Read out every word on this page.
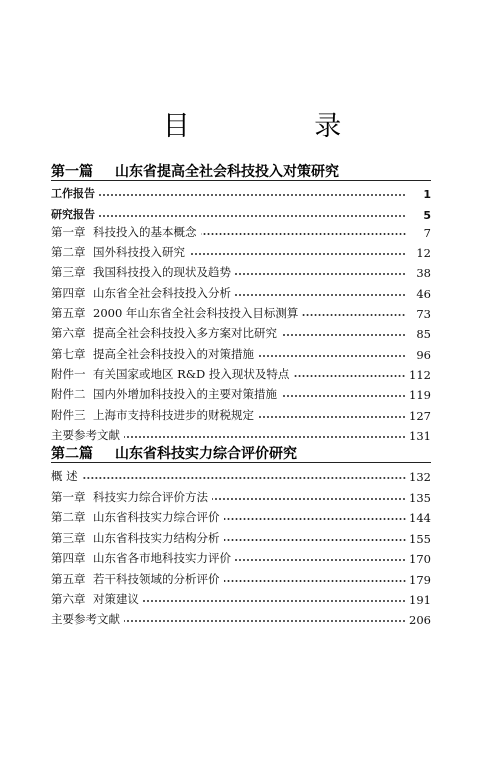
目 录
第一篇 山东省提高全社会科技投入对策研究
工作报告	1
研究报告	5
第一章 科技投入的基本概念	7
第二章 国外科技投入研究	12
第三章 我国科技投入的现状及趋势	38
第四章 山东省全社会科技投入分析	46
第五章 2000 年山东省全社会科技投入目标测算	73
第六章 提高全社会科技投入多方案对比研究	85
第七章 提高全社会科技投入的对策措施	96
附件一 有关国家或地区 R&D 投入现状及特点	112
附件二 国内外增加科技投入的主要对策措施	119
附件三 上海市支持科技进步的财税规定	127
主要参考文献	131
第二篇 山东省科技实力综合评价研究
概 述	132
第一章 科技实力综合评价方法	135
第二章 山东省科技实力综合评价	144
第三章 山东省科技实力结构分析	155
第四章 山东省各市地科技实力评价	170
第五章 若干科技领域的分析评价	179
第六章 对策建议	191
主要参考文献	206
